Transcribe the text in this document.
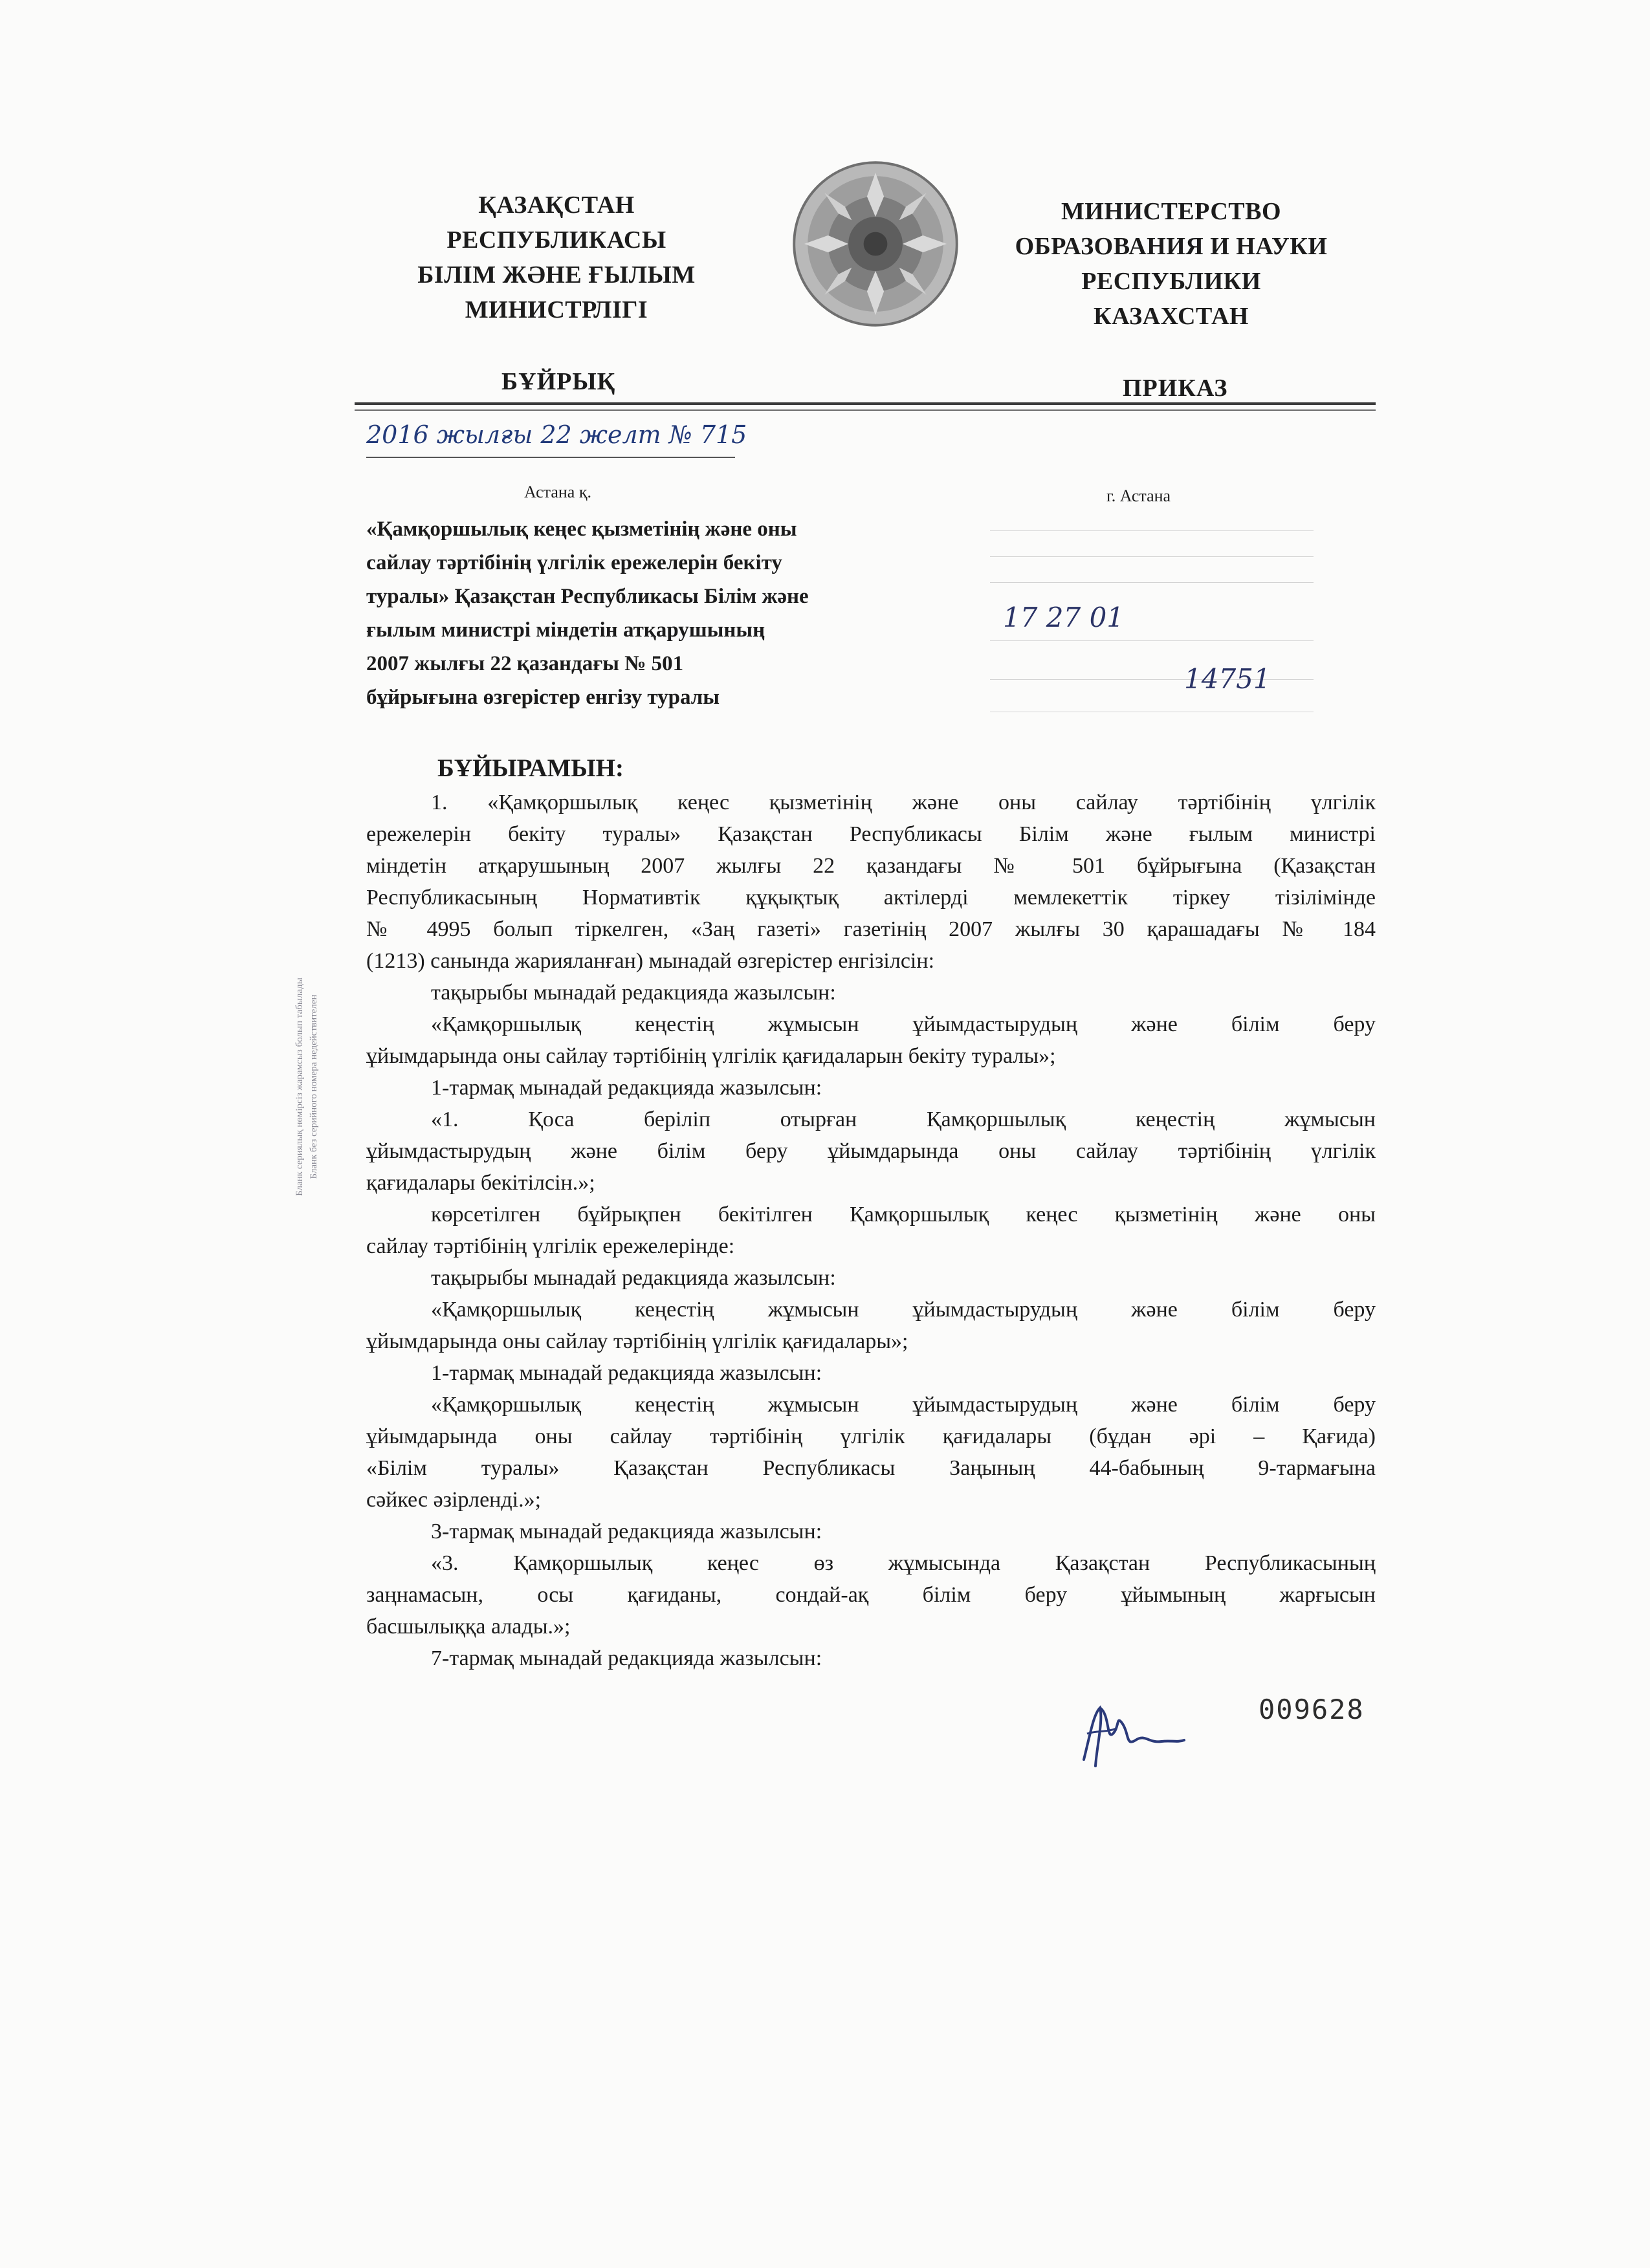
ҚАЗАҚСТАН
РЕСПУБЛИКАСЫ
БІЛІМ ЖӘНЕ ҒЫЛЫМ
МИНИСТРЛІГІ
МИНИСТЕРСТВО
ОБРАЗОВАНИЯ И НАУКИ
РЕСПУБЛИКИ
КАЗАХСТАН
БҰЙРЫҚ	ПРИКАЗ
2016 жылғы 22 желт № 715
Астана қ.	г. Астана
«Қамқоршылық кеңес қызметінің және оны
сайлау тәртібінің үлгілік ережелерін бекіту
туралы» Қазақстан Республикасы Білім және
ғылым министрі міндетін атқарушының
2007 жылғы 22 қазандағы № 501
бұйрығына өзгерістер енгізу туралы
17 27 01
14751
БҰЙЫРАМЫН:
1. «Қамқоршылық кеңес қызметінің және оны сайлау тәртібінің үлгілік
ережелерін бекіту туралы» Қазақстан Республикасы Білім және ғылым министрі
міндетін атқарушының 2007 жылғы 22 қазандағы № 501 бұйрығына (Қазақстан
Республикасының Нормативтік құқықтық актілерді мемлекеттік тіркеу тізілімінде
№ 4995 болып тіркелген, «Заң газеті» газетінің 2007 жылғы 30 қарашадағы № 184
(1213) санында жарияланған) мынадай өзгерістер енгізілсін:
тақырыбы мынадай редакцияда жазылсын:
«Қамқоршылық кеңестің жұмысын ұйымдастырудың және білім беру
ұйымдарында оны сайлау тәртібінің үлгілік қағидаларын бекіту туралы»;
1-тармақ мынадай редакцияда жазылсын:
«1. Қоса берiлiп отырған Қамқоршылық кеңестің жұмысын
ұйымдастырудың және білім беру ұйымдарында оны сайлау тәртібінің үлгілік
қағидалары бекiтiлсiн.»;
көрсетілген бұйрықпен бекітілген Қамқоршылық кеңес қызметінің және оны
сайлау тәртібінің үлгілік ережелерінде:
тақырыбы мынадай редакцияда жазылсын:
«Қамқоршылық кеңестің жұмысын ұйымдастырудың және білім беру
ұйымдарында оны сайлау тәртібінің үлгілік қағидалары»;
1-тармақ мынадай редакцияда жазылсын:
«Қамқоршылық кеңестің жұмысын ұйымдастырудың және білім беру
ұйымдарында оны сайлау тәртібінің үлгілік қағидалары (бұдан әрі – Қағида)
«Білім туралы» Қазақстан Республикасы Заңының 44-бабының 9-тармағына
сәйкес әзірленді.»;
3-тармақ мынадай редакцияда жазылсын:
«3. Қамқоршылық кеңес өз жұмысында Қазақстан Республикасының
заңнамасын, осы қағиданы, сондай-ақ білім беру ұйымының жарғысын
басшылыққа алады.»;
7-тармақ мынадай редакцияда жазылсын:
Бланк сериялық нөмірсіз жарамсыз болып табылады Бланк без серийного номера недействителен
009628
